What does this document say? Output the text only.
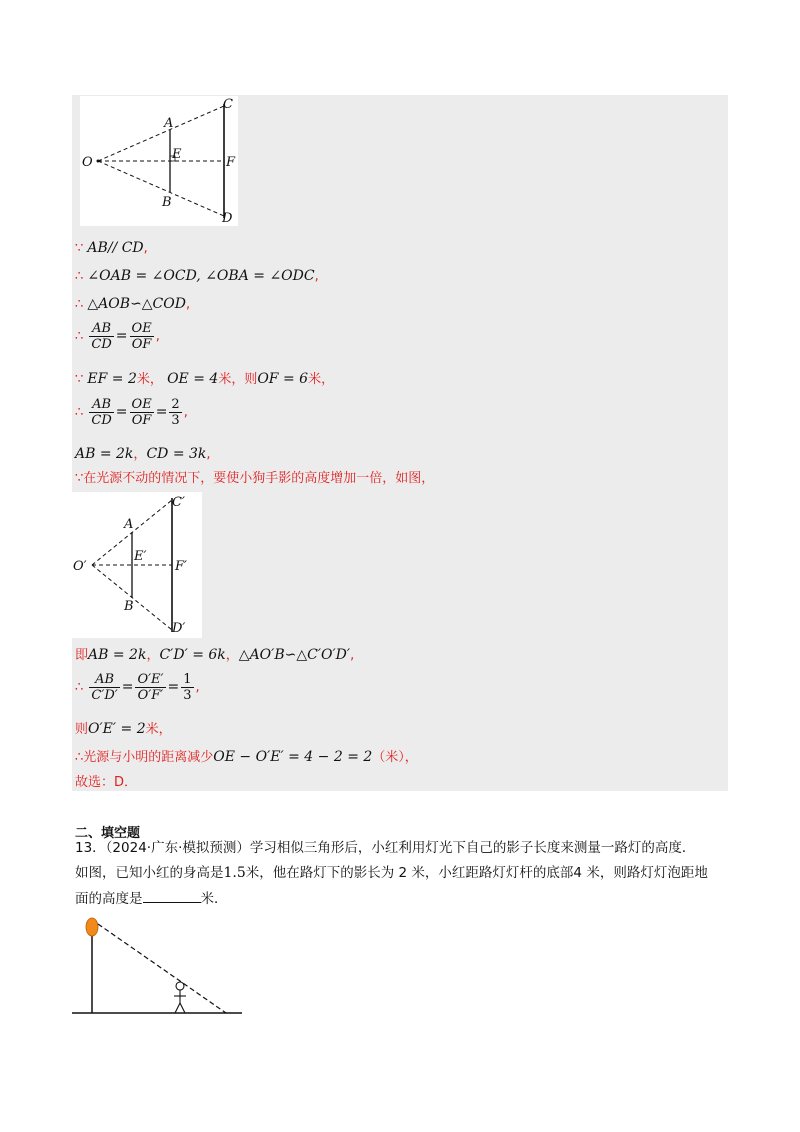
A
B
C
D
E
F
O
∵ AB// CD,
∴ ∠OAB = ∠OCD, ∠OBA = ∠ODC,
∴ △AOB∽△COD,
∴ $\frac{AB}{CD} = \frac{OE}{OF}$ ,
∵ EF = 2米， OE = 4米，则OF = 6米，
∴ $\frac{AB}{CD} = \frac{OE}{OF} = \frac{2}{3}$ ,
AB = 2k，CD = 3k,
∵在光源不动的情况下，要使小狗手影的高度增加一倍，如图，
A
B
C′
D′
E′
F′
O′
即AB = 2k，C′D′ = 6k，△AO′B∽△C′O′D′,
∴ $\frac{AB}{C'D'} = \frac{O'E'}{O'F'} = \frac{1}{3}$ ,
则O′E′ = 2米，
∴光源与小明的距离减少OE − O′E′ = 4 − 2 = 2（米），
故选：D．
二、填空题
13．（2024·广东·模拟预测）学习相似三角形后，小红利用灯光下自己的影子长度来测量一路灯的高度．
如图，已知小红的身高是1.5米，他在路灯下的影长为 2 米，小红距路灯灯杆的底部4 米，则路灯灯泡距地
面的高度是	米．
